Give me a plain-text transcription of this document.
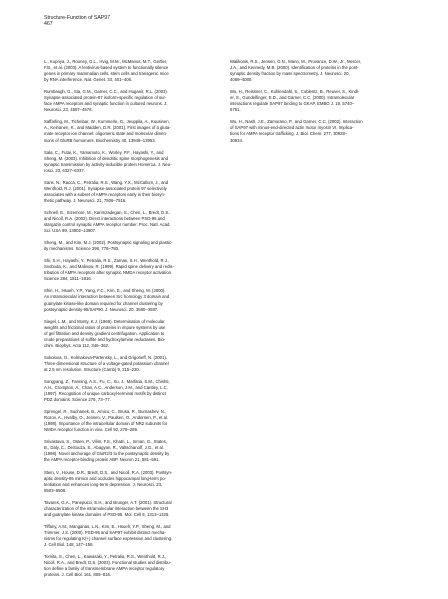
Structure-Function of SAP97
467
L., Kopriya, J., Rooney, G.L., Hvig, M.M., McManus, M.T., Gertler,
F.B., et al. (2003). A lentivirus-based system to functionally silence
genes in primary mammalian cells, stem cells and transgenic mice
by RNA interference. Nat. Genet. 33, 401–406.
Rumbaugh, G., Sia, G.M., Garner, C.C., and Huganir, R.L. (2003).
Synapse-associated protein-97 isoform-specific regulation of sur-
face AMPA receptors and synaptic function in cultured neurons. J.
Neurosci. 23, 4567–4576.
Saffarling, M., Tichelaar, W., Kummerle, G., Jeuppila, A., Kuusinen,
A., Keinanen, K., and Madden, D.R. (2001). First images of a gluta-
mate receptor ion channel: oligomeric state and molecular dimen-
sions of GluRB homomers. Biochemistry 40, 13948–13953.
Sala, C., Futai, K., Yamamoto, K., Worley, P.F., Hayashi, Y., and
Sheng, M. (2003). Inhibition of dendritic spine morphogenesis and
synaptic transmission by activity-inducible protein Homer1a. J. Neu-
rosci. 23, 6327–6337.
Sans, N., Racca, C., Petralia, R.S., Wang, Y.X., McCallum, J., and
Wenthold, R.J. (2001). Synapse-associated protein 97 selectively
associates with a subset of AMPA receptors early in their biosyn-
thetic pathway. J. Neurosci. 21, 7506–7516.
Schnell, E., Sizemore, M., Karimzadegan, S., Chen, L., Bredt, D.S.,
and Nicoll, R.A. (2002). Direct interactions between PSD-95 and
stargazin control synaptic AMPA receptor number. Proc. Natl. Acad.
Sci. USA 99, 13902–13907.
Sheng, M., and Kim, M.J. (2002). Postsynaptic signaling and plastic-
ity mechanisms. Science 298, 776–780.
Shi, S.H., Hayashi, Y., Petralia, R.S., Zaman, S.H., Wenthold, R.J.,
Svoboda, K., and Malinow, R. (1999). Rapid spine delivery and redis-
tribution of AMPA receptors after synaptic NMDA receptor activation.
Science 284, 1811–1816.
Shin, H., Hsueh, Y.P., Yang, F.C., Kim, E., and Sheng, M. (2000).
An intramolecular interaction between Src homology 3 domain and
guanylate kinase-like domain required for channel clustering by
postsynaptic density-95/SAP90. J. Neurosci. 20, 3580–3587.
Siegel, L.M., and Monty, K.J. (1966). Determination of molecular
weights and frictional ratios of proteins in impure systems by use
of gel filtration and density gradient centrifugation. Application to
crude preparations of sulfite and hydroxylamine reductases. Bio-
chim. Biophys. Acta 112, 346–362.
Sokolova, O., Kolmakova-Partensky, L., and Grigorieff, N. (2001).
Three-dimensional structure of a voltage-gated potassium channel
at 2.5 nm resolution. Structure (Camb) 9, 215–220.
Songyang, Z., Fanning, A.S., Fu, C., Xu, J., Marfatia, S.M., Chishti,
A.H., Crompton, A., Chan, A.C., Anderson, J.M., and Cantley, L.C.
(1997). Recognition of unique carboxyl-terminal motifs by distinct
PDZ domains. Science 275, 73–77.
Sprengel, R., Suchanek, B., Amico, C., Brusa, R., Burnashev, N.,
Rozov, A., Hvalby, O., Jensen, V., Paulsen, O., Andersen, P., et al.
(1998). Importance of the intracellular domain of NR2 subunits for
NMDA receptor function in vivo. Cell 92, 279–289.
Srivastava, S., Osten, P., Vilim, F.S., Khatri, L., Inman, G., States,
B., Daly, C., DeSouza, S., Abagyan, R., Valtschanoff, J.G., et al.
(1998). Novel anchorage of GluR2/3 to the postsynaptic density by
the AMPA receptor-binding protein ABP. Neuron 21, 581–591.
Stein, V., House, D.R., Bredt, D.S., and Nicoll, R.A. (2003). Postsyn-
aptic density-95 mimics and occludes hippocampal long-term po-
tentiation and enhances long-term depression. J. Neurosci. 23,
5503–5506.
Tavares, G.A., Panepucci, E.H., and Brunger, A.T. (2001). Structural
characterization of the intramolecular interaction between the SH3
and guanylate kinase domains of PSD-95. Mol. Cell 8, 1313–1325.
Tiffany, A.M., Manganas, L.N., Kim, E., Hsueh, Y.P., Sheng, M., and
Trimmer, J.S. (2000). PSD-95 and SAP97 exhibit distinct mecha-
nisms for regulating K(+) channel surface expression and clustering.
J. Cell Biol. 148, 147–158.
Tomita, S., Chen, L., Kawasaki, Y., Petralia, R.S., Wenthold, R.J.,
Nicoll, R.A., and Bredt, D.S. (2003). Functional studies and distribu-
tion define a family of transmembrane AMPA receptor regulatory
proteins. J. Cell Biol. 161, 805–816.
Walikonis, R.S., Jensen, O.N., Mann, M., Provance, D.W., Jr., Mercer,
J.A., and Kennedy, M.B. (2000). Identification of proteins in the post-
synaptic density fraction by mass spectrometry. J. Neurosci. 20,
4069–4080.
Wu, H., Reissner, C., Kuhlendahl, S., Coblentz, B., Reuver, S., Kindl-
er, S., Gundelfinger, E.D., and Garner, C.C. (2000). Intramolecular
interactions regulate SAP97 binding to GKAP. EMBO J. 19, 5740–
5751.
Wu, H., Nash, J.E., Zamorano, P., and Garner, C.C. (2002). Interaction
of SAP97 with minus-end-directed actin motor myosin VI. Implica-
tions for AMPA receptor trafficking. J. Biol. Chem. 277, 30928–
30934.
